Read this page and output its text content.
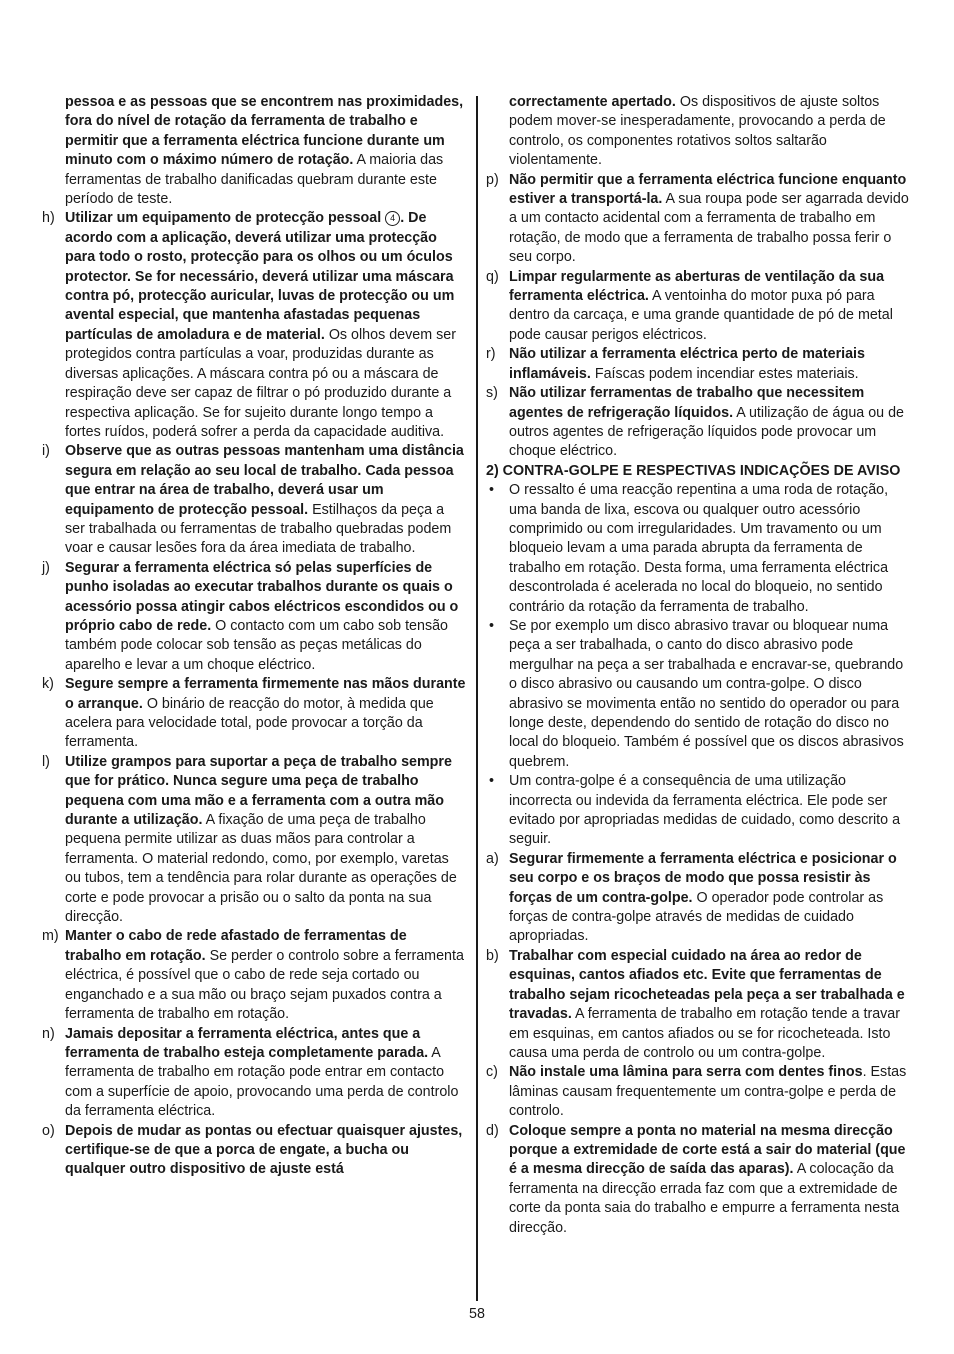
pessoa e as pessoas que se encontrem nas proximidades, fora do nível de rotação da ferramenta de trabalho e permitir que a ferramenta eléctrica funcione durante um minuto com o máximo número de rotação. A maioria das ferramentas de trabalho danificadas quebram durante este período de teste.

h) Utilizar um equipamento de protecção pessoal 4 . De acordo com a aplicação, deverá utilizar uma protecção para todo o rosto, protecção para os olhos ou um óculos protector. Se for necessário, deverá utilizar uma máscara contra pó, protecção auricular, luvas de protecção ou um avental especial, que mantenha afastadas pequenas partículas de amoladura e de material. Os olhos devem ser protegidos contra partículas a voar, produzidas durante as diversas aplicações. A máscara contra pó ou a máscara de respiração deve ser capaz de filtrar o pó produzido durante a respectiva aplicação. Se for sujeito durante longo tempo a fortes ruídos, poderá sofrer a perda da capacidade auditiva.

i) Observe que as outras pessoas mantenham uma distância segura em relação ao seu local de trabalho. Cada pessoa que entrar na área de trabalho, deverá usar um equipamento de protecção pessoal. Estilhaços da peça a ser trabalhada ou ferramentas de trabalho quebradas podem voar e causar lesões fora da área imediata de trabalho.

j) Segurar a ferramenta eléctrica só pelas superfícies de punho isoladas ao executar trabalhos durante os quais o acessório possa atingir cabos eléctricos escondidos ou o próprio cabo de rede. O contacto com um cabo sob tensão também pode colocar sob tensão as peças metálicas do aparelho e levar a um choque eléctrico.

k) Segure sempre a ferramenta firmemente nas mãos durante o arranque. O binário de reacção do motor, à medida que acelera para velocidade total, pode provocar a torção da ferramenta.

l) Utilize grampos para suportar a peça de trabalho sempre que for prático. Nunca segure uma peça de trabalho pequena com uma mão e a ferramenta com a outra mão durante a utilização. A fixação de uma peça de trabalho pequena permite utilizar as duas mãos para controlar a ferramenta. O material redondo, como, por exemplo, varetas ou tubos, tem a tendência para rolar durante as operações de corte e pode provocar a prisão ou o salto da ponta na sua direcção.

m) Manter o cabo de rede afastado de ferramentas de trabalho em rotação. Se perder o controlo sobre a ferramenta eléctrica, é possível que o cabo de rede seja cortado ou enganchado e a sua mão ou braço sejam puxados contra a ferramenta de trabalho em rotação.

n) Jamais depositar a ferramenta eléctrica, antes que a ferramenta de trabalho esteja completamente parada. A ferramenta de trabalho em rotação pode entrar em contacto com a superfície de apoio, provocando uma perda de controlo da ferramenta eléctrica.

o) Depois de mudar as pontas ou efectuar quaisquer ajustes, certifique-se de que a porca de engate, a bucha ou qualquer outro dispositivo de ajuste está

correctamente apertado. Os dispositivos de ajuste soltos podem mover-se inesperadamente, provocando a perda de controlo, os componentes rotativos soltos saltarão violentamente.

p) Não permitir que a ferramenta eléctrica funcione enquanto estiver a transportá-la. A sua roupa pode ser agarrada devido a um contacto acidental com a ferramenta de trabalho em rotação, de modo que a ferramenta de trabalho possa ferir o seu corpo.

q) Limpar regularmente as aberturas de ventilação da sua ferramenta eléctrica. A ventoinha do motor puxa pó para dentro da carcaça, e uma grande quantidade de pó de metal pode causar perigos eléctricos.

r) Não utilizar a ferramenta eléctrica perto de materiais inflamáveis. Faíscas podem incendiar estes materiais.

s) Não utilizar ferramentas de trabalho que necessitem agentes de refrigeração líquidos. A utilização de água ou de outros agentes de refrigeração líquidos pode provocar um choque eléctrico.

2) CONTRA-GOLPE E RESPECTIVAS INDICAÇÕES DE AVISO

• O ressalto é uma reacção repentina a uma roda de rotação, uma banda de lixa, escova ou qualquer outro acessório comprimido ou com irregularidades. Um travamento ou um bloqueio levam a uma parada abrupta da ferramenta de trabalho em rotação. Desta forma, uma ferramenta eléctrica descontrolada é acelerada no local do bloqueio, no sentido contrário da rotação da ferramenta de trabalho.

• Se por exemplo um disco abrasivo travar ou bloquear numa peça a ser trabalhada, o canto do disco abrasivo pode mergulhar na peça a ser trabalhada e encravar-se, quebrando o disco abrasivo ou causando um contra-golpe. O disco abrasivo se movimenta então no sentido do operador ou para longe deste, dependendo do sentido de rotação do disco no local do bloqueio. Também é possível que os discos abrasivos quebrem.

• Um contra-golpe é a consequência de uma utilização incorrecta ou indevida da ferramenta eléctrica. Ele pode ser evitado por apropriadas medidas de cuidado, como descrito a seguir.

a) Segurar firmemente a ferramenta eléctrica e posicionar o seu corpo e os braços de modo que possa resistir às forças de um contra-golpe. O operador pode controlar as forças de contra-golpe através de medidas de cuidado apropriadas.

b) Trabalhar com especial cuidado na área ao redor de esquinas, cantos afiados etc. Evite que ferramentas de trabalho sejam ricocheteadas pela peça a ser trabalhada e travadas. A ferramenta de trabalho em rotação tende a travar em esquinas, em cantos afiados ou se for ricocheteada. Isto causa uma perda de controlo ou um contra-golpe.

c) Não instale uma lâmina para serra com dentes finos. Estas lâminas causam frequentemente um contra-golpe e perda de controlo.

d) Coloque sempre a ponta no material na mesma direcção porque a extremidade de corte está a sair do material (que é a mesma direcção de saída das aparas). A colocação da ferramenta na direcção errada faz com que a extremidade de corte da ponta saia do trabalho e empurre a ferramenta nesta direcção.

58
